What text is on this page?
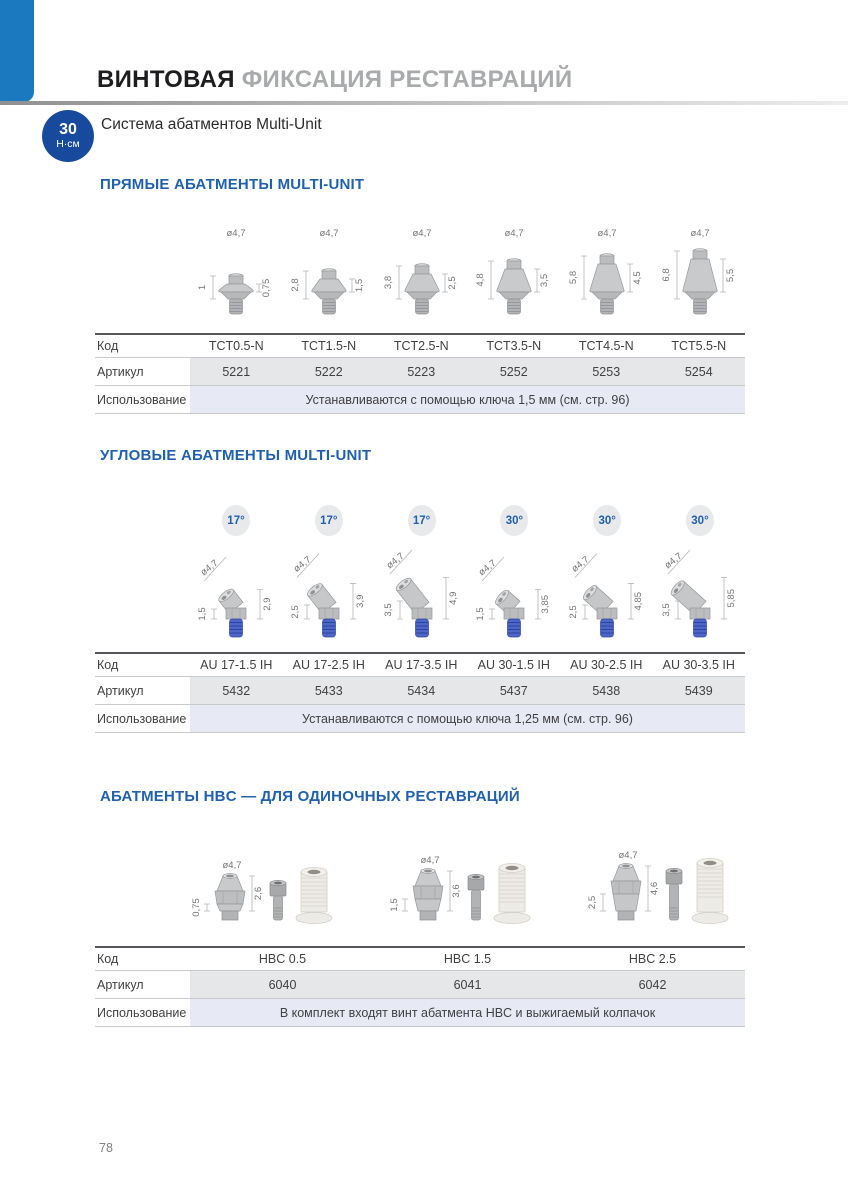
ВИНТОВАЯ ФИКСАЦИЯ РЕСТАВРАЦИЙ
30
Н·см
Система абатментов Multi-Unit
ПРЯМЫЕ АБАТМЕНТЫ MULTI-UNIT
ø4,7
1	0,75
ø4,7
2,8	1,5
ø4,7
3,8	2,5
ø4,7
4,8	3,5
ø4,7
5,8	4,5
ø4,7
6,8	5,5
Код	TCT0.5-N	TCT1.5-N	TCT2.5-N	TCT3.5-N	TCT4.5-N	TCT5.5-N
Артикул	5221	5222	5223	5252	5253	5254
Использование	Устанавливаются с помощью ключа 1,5 мм (см. стр. 96)
УГЛОВЫЕ АБАТМЕНТЫ MULTI-UNIT
17°
ø4,7
1,5
2,9
17°
ø4,7
2,5
3,9
17°
ø4,7
3,5
4,9
30°
ø4,7
1,5
3,85
30°
ø4,7
2,5
4,85
30°
ø4,7
3,5
5,85
Код	AU 17-1.5 IH	AU 17-2.5 IH	AU 17-3.5 IH	AU 30-1.5 IH	AU 30-2.5 IH	AU 30-3.5 IH
Артикул	5432	5433	5434	5437	5438	5439
Использование	Устанавливаются с помощью ключа 1,25 мм (см. стр. 96)
АБАТМЕНТЫ HBC — ДЛЯ ОДИНОЧНЫХ РЕСТАВРАЦИЙ
ø4,7
0,75
2,6
ø4,7
1,5
3,6
ø4,7
2,5
4,6
Код	HBC 0.5	HBC 1.5	HBC 2.5
Артикул	6040	6041	6042
Использование	В комплект входят винт абатмента HBC и выжигаемый колпачок
78
